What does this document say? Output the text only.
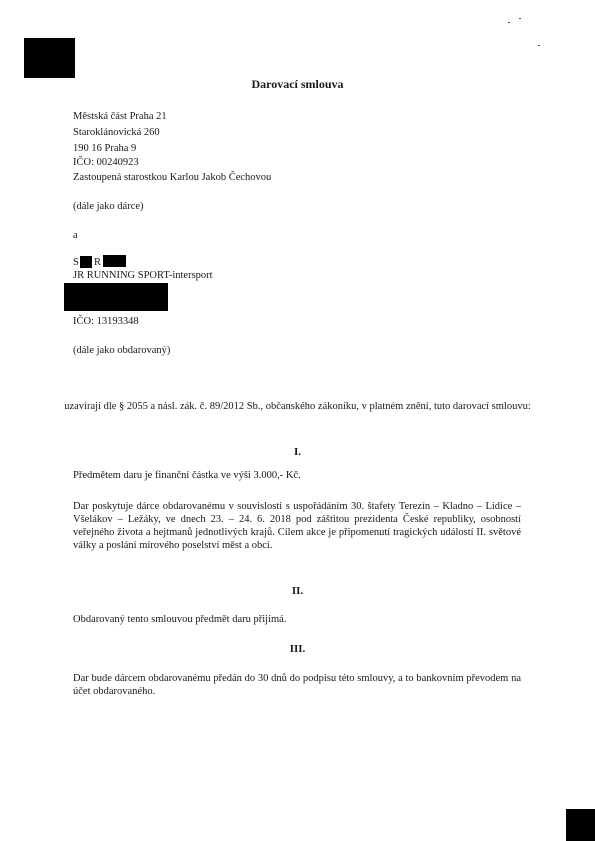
Darovací smlouva
Městská část Praha 21
Staroklánovická 260
190 16 Praha 9
IČO: 00240923
Zastoupená starostkou Karlou Jakob Čechovou
(dále jako dárce)
a
S R
JR RUNNING SPORT-intersport
IČO: 13193348
(dále jako obdarovaný)
uzavírají dle § 2055 a násl. zák. č. 89/2012 Sb., občanského zákoníku, v platném znění, tuto darovací smlouvu:
I.
Předmětem daru je finanční částka ve výši 3.000,- Kč.
Dar poskytuje dárce obdarovanému v souvislosti s uspořádáním 30. štafety Terezín – Kladno – Lidice – Všelákov – Ležáky, ve dnech 23. – 24. 6. 2018 pod záštitou prezidenta České republiky, osobností veřejného života a hejtmanů jednotlivých krajů. Cílem akce je připomenutí tragických událostí II. světové války a poslání mírového poselství měst a obcí.
II.
Obdarovaný tento smlouvou předmět daru přijímá.
III.
Dar bude dárcem obdarovanému předán do 30 dnů do podpisu této smlouvy, a to bankovním převodem na účet obdarovaného.
